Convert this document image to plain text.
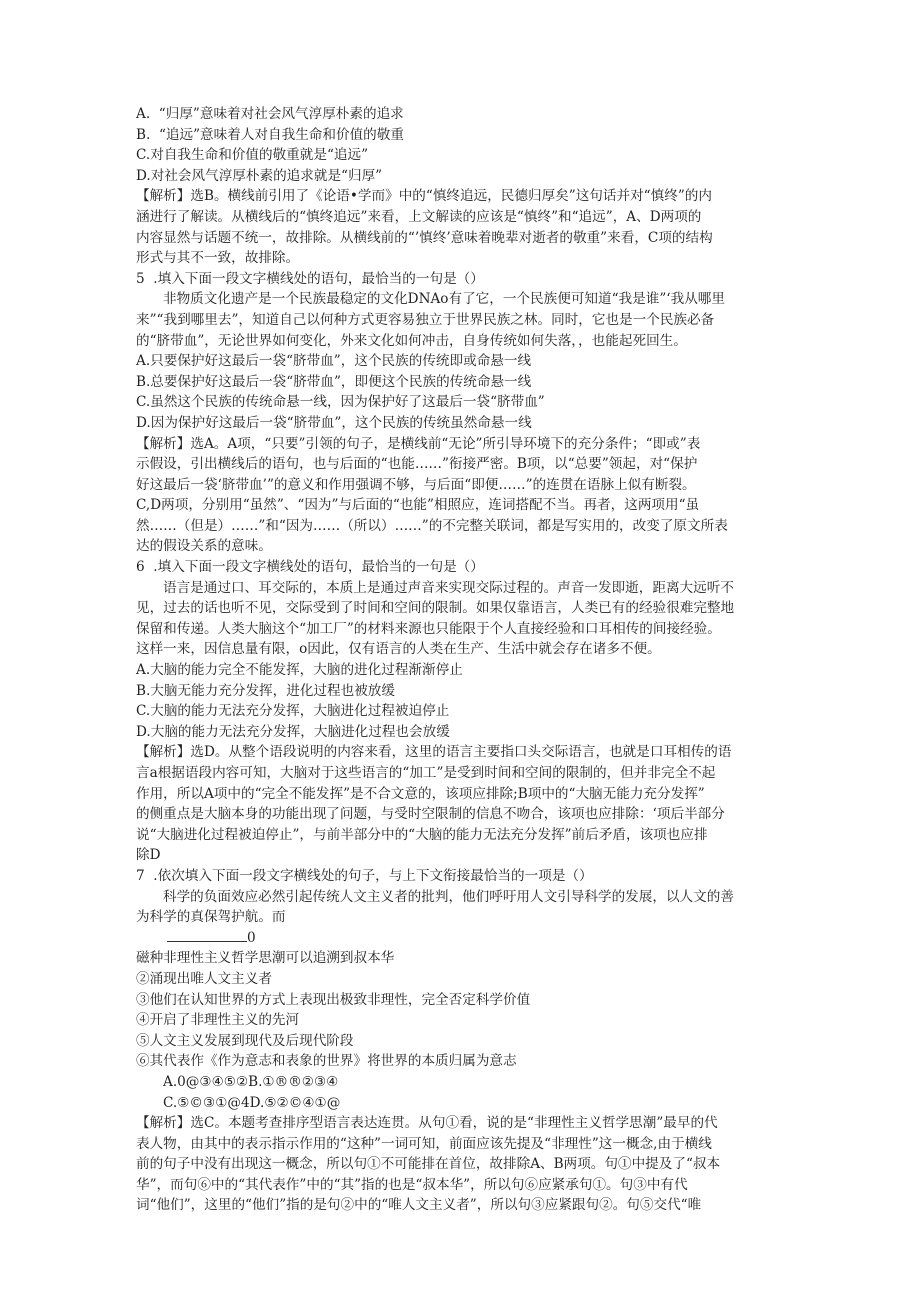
A.  “归厚”意味着对社会风气淳厚朴素的追求
B.  “追远”意味着人对自我生命和价值的敬重
C.对自我生命和价值的敬重就是“追远”
D.对社会风气淳厚朴素的追求就是“归厚”
【解析】选B。横线前引用了《论语•学而》中的“慎终追远，民德归厚矣”这句话并对“慎终”的内
涵进行了解读。从横线后的“慎终追远”来看，上文解读的应该是“慎终”和“追远”，A、D两项的
内容显然与话题不统一，故排除。从横线前的“’慎终’意味着晚辈对逝者的敬重”来看，C项的结构
形式与其不一致，故排除。
5  .填入下面一段文字横线处的语句，最恰当的一句是（）
非物质文化遗产是一个民族最稳定的文化DNAo有了它，一个民族便可知道“我是谁”‘我从哪里
来”“我到哪里去”，知道自己以何种方式更容易独立于世界民族之林。同时，它也是一个民族必备
的“脐带血”，无论世界如何变化，外来文化如何冲击，自身传统如何失落，，也能起死回生。
A.只要保护好这最后一袋“脐带血”，这个民族的传统即或命悬一线
B.总要保护好这最后一袋“脐带血”，即便这个民族的传统命悬一线
C.虽然这个民族的传统命悬一线，因为保护好了这最后一袋“脐带血”
D.因为保护好这最后一袋“脐带血”，这个民族的传统虽然命悬一线
【解析】选A。A项，“只要”引领的句子，是横线前“无论”所引导环境下的充分条件；“即或”表
示假设，引出横线后的语句，也与后面的“也能……”衔接严密。B项，以“总要”领起，对“保护
好这最后一袋‘脐带血’”的意义和作用强调不够，与后面“即便……”的连贯在语脉上似有断裂。
C,D两项，分别用“虽然”、“因为”与后面的“也能”相照应，连词搭配不当。再者，这两项用“虽
然……（但是）……”和“因为……（所以）……”的不完整关联词，都是写实用的，改变了原文所表
达的假设关系的意味。
6  .填入下面一段文字横线处的语句，最恰当的一句是（）
语言是通过口、耳交际的，本质上是通过声音来实现交际过程的。声音一发即逝，距离大远听不
见，过去的话也听不见，交际受到了时间和空间的限制。如果仅靠语言，人类已有的经验很难完整地
保留和传递。人类大脑这个“加工厂”的材料来源也只能限于个人直接经验和口耳相传的间接经验。
这样一来，因信息量有限，o因此，仅有语言的人类在生产、生活中就会存在诸多不便。
A.大脑的能力完全不能发挥，大脑的进化过程渐渐停止
B.大脑无能力充分发挥，进化过程也被放缓
C.大脑的能力无法充分发挥，大脑进化过程被迫停止
D.大脑的能力无法充分发挥，大脑进化过程也会放缓
【解析】选D。从整个语段说明的内容来看，这里的语言主要指口头交际语言，也就是口耳相传的语
言a根据语段内容可知，大脑对于这些语言的“加工”是受到时间和空间的限制的，但并非完全不起
作用，所以A项中的“完全不能发挥”是不合文意的，该项应排除;B项中的“大脑无能力充分发挥”
的侧重点是大脑本身的功能出现了问题，与受时空限制的信息不吻合，该项也应排除：‘项后半部分
说“大脑进化过程被迫停止”，与前半部分中的“大脑的能力无法充分发挥”前后矛盾，该项也应排
除D
7  .依次填入下面一段文字横线处的句子，与上下文衔接最恰当的一项是（）
科学的负面效应必然引起传统人文主义者的批判，他们呼吁用人文引导科学的发展，以人文的善
为科学的真保驾护航。而
0
磁种非理性主义哲学思潮可以追溯到叔本华
②涌现出唯人文主义者
③他们在认知世界的方式上表现出极致非理性，完全否定科学价值
④开启了非理性主义的先河
⑤人文主义发展到现代及后现代阶段
⑥其代表作《作为意志和表象的世界》将世界的本质归属为意志
A.0@③④⑤②B.①®®②③④
C.⑤©③①@4D.⑤②©④①@
【解析】选C。本题考查排序型语言表达连贯。从句①看，说的是“非理性主义哲学思潮”最早的代
表人物，由其中的表示指示作用的“这种”一词可知，前面应该先提及“非理性”这一概念,由于横线
前的句子中没有出现这一概念，所以句①不可能排在首位，故排除A、B两项。句①中提及了“叔本
华”，而句⑥中的“其代表作”中的“其”指的也是“叔本华”，所以句⑥应紧承句①。句③中有代
词“他们”，这里的“他们”指的是句②中的“唯人文主义者”，所以句③应紧跟句②。句⑤交代“唯
